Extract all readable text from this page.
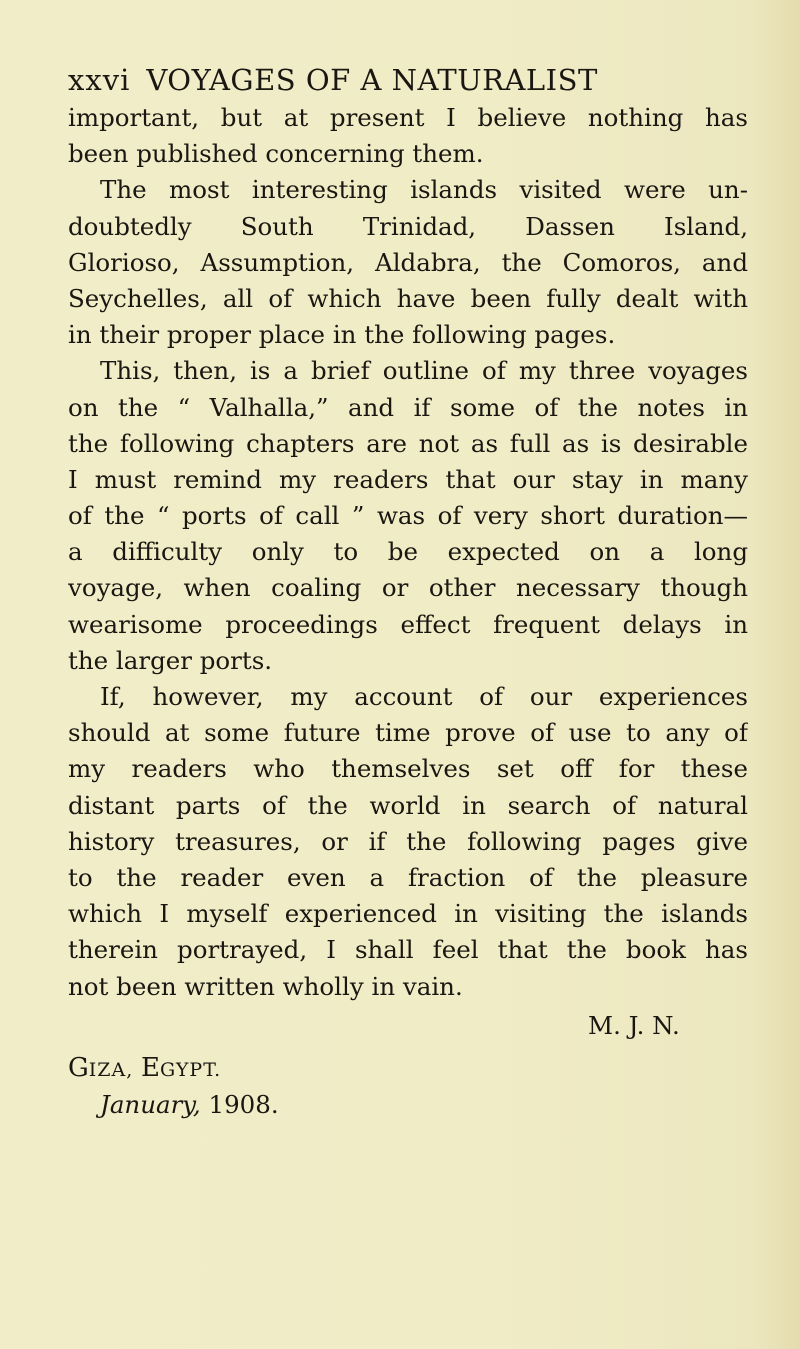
xxvi VOYAGES OF A NATURALIST
important, but at present I believe nothing has
been published concerning them.
The most interesting islands visited were un-
doubtedly South Trinidad, Dassen Island,
Glorioso, Assumption, Aldabra, the Comoros, and
Seychelles, all of which have been fully dealt with
in their proper place in the following pages.
This, then, is a brief outline of my three voyages
on the “ Valhalla,” and if some of the notes in
the following chapters are not as full as is desirable
I must remind my readers that our stay in many
of the “ ports of call ” was of very short duration—
a difficulty only to be expected on a long
voyage, when coaling or other necessary though
wearisome proceedings effect frequent delays in
the larger ports.
If, however, my account of our experiences
should at some future time prove of use to any of
my readers who themselves set off for these
distant parts of the world in search of natural
history treasures, or if the following pages give
to the reader even a fraction of the pleasure
which I myself experienced in visiting the islands
therein portrayed, I shall feel that the book has
not been written wholly in vain.
M. J. N.
GIZA, EGYPT.
January, 1908.
